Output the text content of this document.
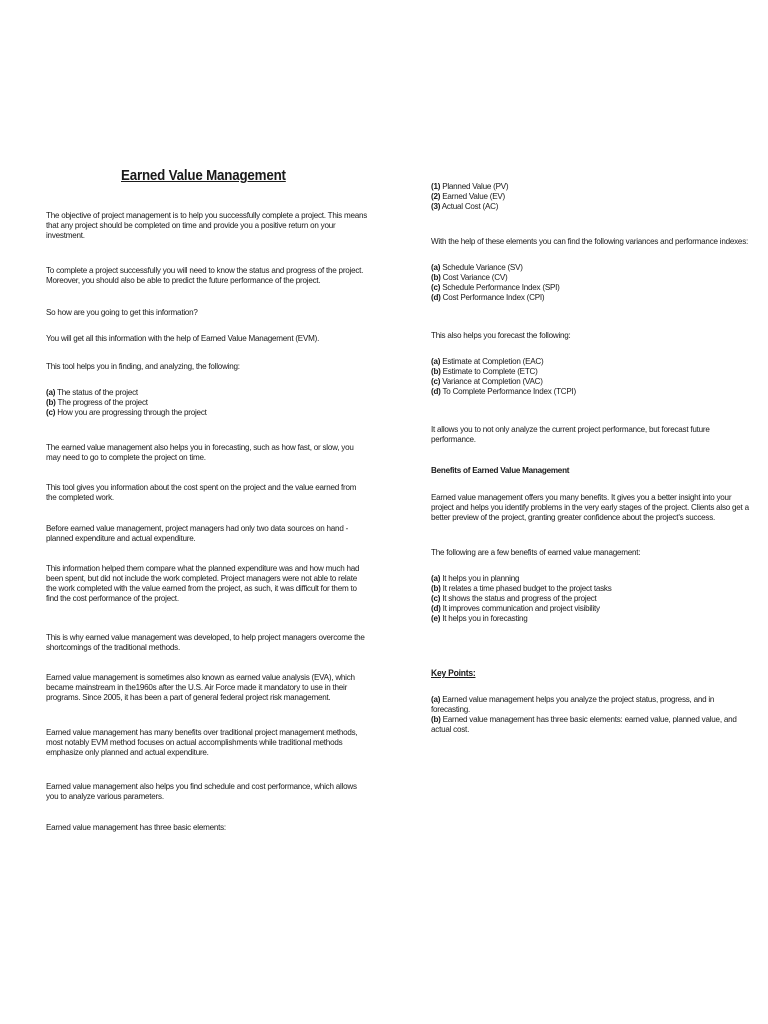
Earned Value Management

The objective of project management is to help you successfully complete a project. This means
that any project should be completed on time and provide you a positive return on your
investment.

To complete a project successfully you will need to know the status and progress of the project.
Moreover, you should also be able to predict the future performance of the project.

So how are you going to get this information?

You will get all this information with the help of Earned Value Management (EVM).

This tool helps you in finding, and analyzing, the following:

(a) The status of the project
(b) The progress of the project
(c) How you are progressing through the project

The earned value management also helps you in forecasting, such as how fast, or slow, you
may need to go to complete the project on time.

This tool gives you information about the cost spent on the project and the value earned from
the completed work.

Before earned value management, project managers had only two data sources on hand -
planned expenditure and actual expenditure.

This information helped them compare what the planned expenditure was and how much had
been spent, but did not include the work completed. Project managers were not able to relate
the work completed with the value earned from the project, as such, it was difficult for them to
find the cost performance of the project.

This is why earned value management was developed, to help project managers overcome the
shortcomings of the traditional methods.

Earned value management is sometimes also known as earned value analysis (EVA), which
became mainstream in the1960s after the U.S. Air Force made it mandatory to use in their
programs. Since 2005, it has been a part of general federal project risk management.

Earned value management has many benefits over traditional project management methods,
most notably EVM method focuses on actual accomplishments while traditional methods
emphasize only planned and actual expenditure.

Earned value management also helps you find schedule and cost performance, which allows
you to analyze various parameters.

Earned value management has three basic elements:

(1) Planned Value (PV)
(2) Earned Value (EV)
(3) Actual Cost (AC)

With the help of these elements you can find the following variances and performance indexes:

(a) Schedule Variance (SV)
(b) Cost Variance (CV)
(c) Schedule Performance Index (SPI)
(d) Cost Performance Index (CPI)

This also helps you forecast the following:

(a) Estimate at Completion (EAC)
(b) Estimate to Complete (ETC)
(c) Variance at Completion (VAC)
(d) To Complete Performance Index (TCPI)

It allows you to not only analyze the current project performance, but forecast future
performance.

Benefits of Earned Value Management

Earned value management offers you many benefits. It gives you a better insight into your
project and helps you identify problems in the very early stages of the project. Clients also get a
better preview of the project, granting greater confidence about the project's success.

The following are a few benefits of earned value management:

(a) It helps you in planning
(b) It relates a time phased budget to the project tasks
(c) It shows the status and progress of the project
(d) It improves communication and project visibility
(e) It helps you in forecasting

Key Points:

(a) Earned value management helps you analyze the project status, progress, and in
forecasting.
(b) Earned value management has three basic elements: earned value, planned value, and
actual cost.
